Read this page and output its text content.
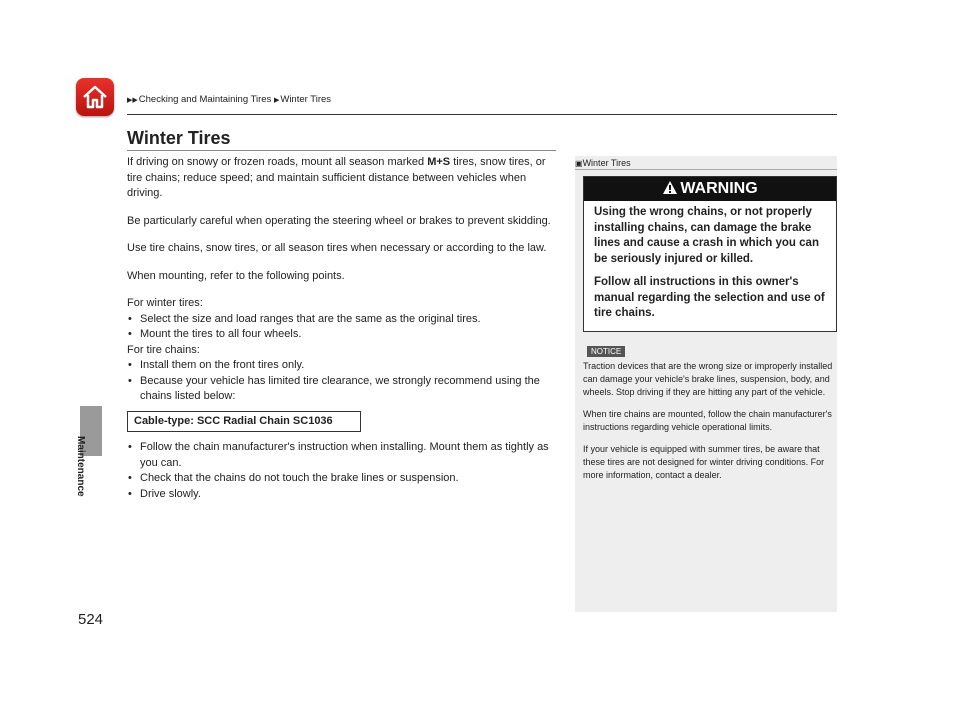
▶▶Checking and Maintaining Tires ▶Winter Tires
Maintenance
524
Winter Tires

If driving on snowy or frozen roads, mount all season marked M+S tires, snow tires, or tire chains; reduce speed; and maintain sufficient distance between vehicles when driving.

Be particularly careful when operating the steering wheel or brakes to prevent skidding.

Use tire chains, snow tires, or all season tires when necessary or according to the law.

When mounting, refer to the following points.

For winter tires:
• Select the size and load ranges that are the same as the original tires.
• Mount the tires to all four wheels.
For tire chains:
• Install them on the front tires only.
• Because your vehicle has limited tire clearance, we strongly recommend using the chains listed below:
Cable-type: SCC Radial Chain SC1036
• Follow the chain manufacturer's instruction when installing. Mount them as tightly as you can.
• Check that the chains do not touch the brake lines or suspension.
• Drive slowly.
▣Winter Tires
WARNING

Using the wrong chains, or not properly installing chains, can damage the brake lines and cause a crash in which you can be seriously injured or killed.

Follow all instructions in this owner's manual regarding the selection and use of tire chains.

NOTICE

Traction devices that are the wrong size or improperly installed can damage your vehicle's brake lines, suspension, body, and wheels. Stop driving if they are hitting any part of the vehicle.

When tire chains are mounted, follow the chain manufacturer's instructions regarding vehicle operational limits.

If your vehicle is equipped with summer tires, be aware that these tires are not designed for winter driving conditions. For more information, contact a dealer.
